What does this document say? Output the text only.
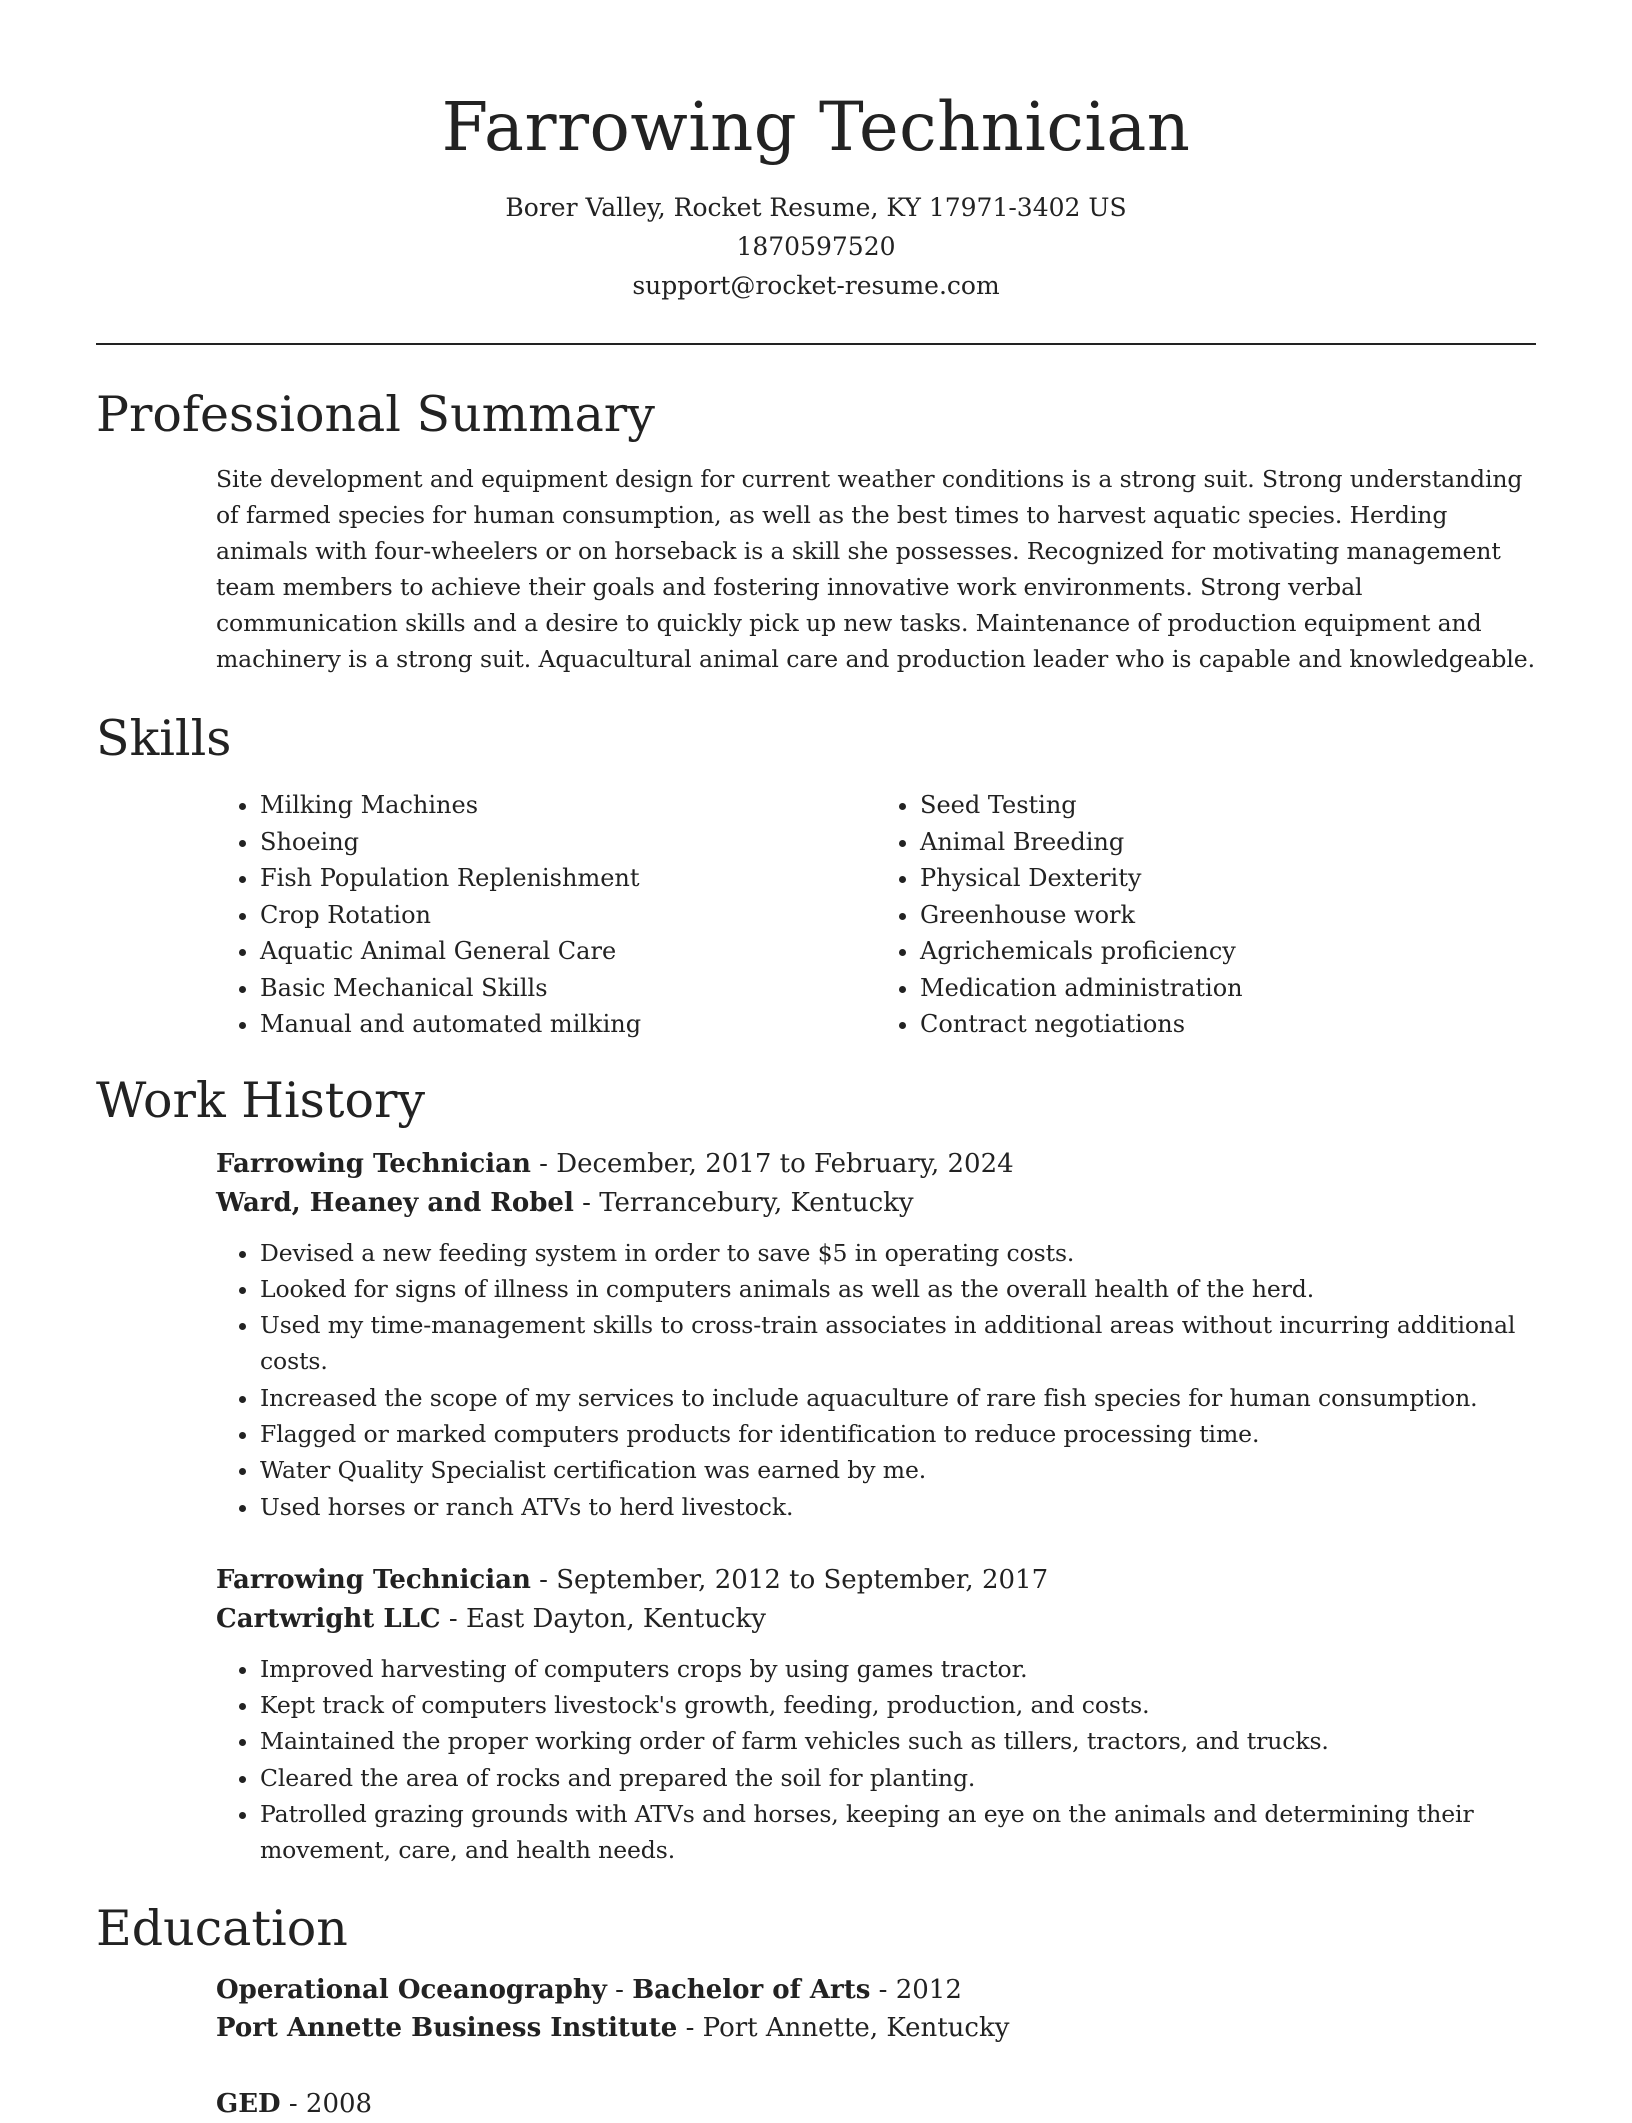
Farrowing Technician
Borer Valley, Rocket Resume, KY 17971-3402 US
1870597520
support@rocket-resume.com
Professional Summary

Site development and equipment design for current weather conditions is a strong suit. Strong understanding of farmed species for human consumption, as well as the best times to harvest aquatic species. Herding animals with four-wheelers or on horseback is a skill she possesses. Recognized for motivating management team members to achieve their goals and fostering innovative work environments. Strong verbal communication skills and a desire to quickly pick up new tasks. Maintenance of production equipment and machinery is a strong suit. Aquacultural animal care and production leader who is capable and knowledgeable.

Skills
• Milking Machines
• Shoeing
• Fish Population Replenishment
• Crop Rotation
• Aquatic Animal General Care
• Basic Mechanical Skills
• Manual and automated milking
• Seed Testing
• Animal Breeding
• Physical Dexterity
• Greenhouse work
• Agrichemicals proficiency
• Medication administration
• Contract negotiations
Work History
Farrowing Technician - December, 2017 to February, 2024
Ward, Heaney and Robel - Terrancebury, Kentucky
• Devised a new feeding system in order to save $5 in operating costs.
• Looked for signs of illness in computers animals as well as the overall health of the herd.
• Used my time-management skills to cross-train associates in additional areas without incurring additional costs.
• Increased the scope of my services to include aquaculture of rare fish species for human consumption.
• Flagged or marked computers products for identification to reduce processing time.
• Water Quality Specialist certification was earned by me.
• Used horses or ranch ATVs to herd livestock.
Farrowing Technician - September, 2012 to September, 2017
Cartwright LLC - East Dayton, Kentucky
• Improved harvesting of computers crops by using games tractor.
• Kept track of computers livestock's growth, feeding, production, and costs.
• Maintained the proper working order of farm vehicles such as tillers, tractors, and trucks.
• Cleared the area of rocks and prepared the soil for planting.
• Patrolled grazing grounds with ATVs and horses, keeping an eye on the animals and determining their movement, care, and health needs.
Education
Operational Oceanography - Bachelor of Arts - 2012
Port Annette Business Institute - Port Annette, Kentucky
GED - 2008
